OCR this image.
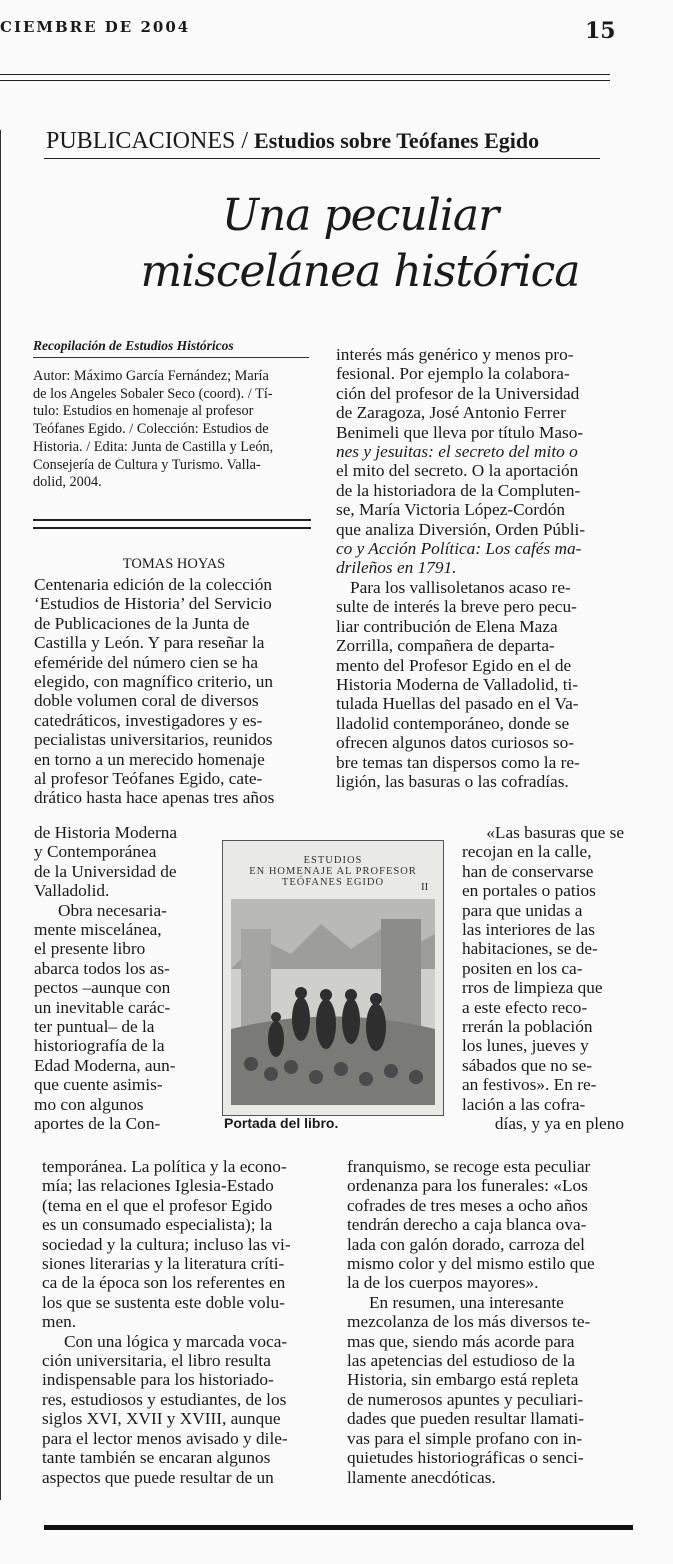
CIEMBRE DE 2004	15
PUBLICACIONES / Estudios sobre Teófanes Egido
Una peculiar
miscelánea histórica
Recopilación de Estudios Históricos
Autor: Máximo García Fernández; María
de los Angeles Sobaler Seco (coord). / Tí-
tulo: Estudios en homenaje al profesor
Teófanes Egido. / Colección: Estudios de
Historia. / Edita: Junta de Castilla y León,
Consejería de Cultura y Turismo. Valla-
dolid, 2004.
TOMAS HOYAS
Centenaria edición de la colección
‘Estudios de Historia’ del Servicio
de Publicaciones de la Junta de
Castilla y León. Y para reseñar la
efeméride del número cien se ha
elegido, con magnífico criterio, un
doble volumen coral de diversos
catedráticos, investigadores y es-
pecialistas universitarios, reunidos
en torno a un merecido homenaje
al profesor Teófanes Egido, cate-
drático hasta hace apenas tres años
de Historia Moderna
y Contemporánea
de la Universidad de
Valladolid.
Obra necesaria-
mente miscelánea,
el presente libro
abarca todos los as-
pectos –aunque con
un inevitable carác-
ter puntual– de la
historiografía de la
Edad Moderna, aun-
que cuente asimis-
mo con algunos
aportes de la Con-
temporánea. La política y la econo-
mía; las relaciones Iglesia-Estado
(tema en el que el profesor Egido
es un consumado especialista); la
sociedad y la cultura; incluso las vi-
siones literarias y la literatura críti-
ca de la época son los referentes en
los que se sustenta este doble volu-
men.
Con una lógica y marcada voca-
ción universitaria, el libro resulta
indispensable para los historiado-
res, estudiosos y estudiantes, de los
siglos XVI, XVII y XVIII, aunque
para el lector menos avisado y dile-
tante también se encaran algunos
aspectos que puede resultar de un
interés más genérico y menos pro-
fesional. Por ejemplo la colabora-
ción del profesor de la Universidad
de Zaragoza, José Antonio Ferrer
Benimeli que lleva por título Maso-
nes y jesuitas: el secreto del mito o
el mito del secreto. O la aportación
de la historiadora de la Compluten-
se, María Victoria López-Cordón
que analiza Diversión, Orden Públi-
co y Acción Política: Los cafés ma-
drileños en 1791.
Para los vallisoletanos acaso re-
sulte de interés la breve pero pecu-
liar contribución de Elena Maza
Zorrilla, compañera de departa-
mento del Profesor Egido en el de
Historia Moderna de Valladolid, ti-
tulada Huellas del pasado en el Va-
lladolid contemporáneo, donde se
ofrecen algunos datos curiosos so-
bre temas tan dispersos como la re-
ligión, las basuras o las cofradías.
«Las basuras que se
recojan en la calle,
han de conservarse
en portales o patios
para que unidas a
las interiores de las
habitaciones, se de-
positen en los ca-
rros de limpieza que
a este efecto reco-
rrerán la población
los lunes, jueves y
sábados que no se-
an festivos». En re-
lación a las cofra-
días, y ya en pleno
franquismo, se recoge esta peculiar
ordenanza para los funerales: «Los
cofrades de tres meses a ocho años
tendrán derecho a caja blanca ova-
lada con galón dorado, carroza del
mismo color y del mismo estilo que
la de los cuerpos mayores».
En resumen, una interesante
mezcolanza de los más diversos te-
mas que, siendo más acorde para
las apetencias del estudioso de la
Historia, sin embargo está repleta
de numerosos apuntes y peculiari-
dades que pueden resultar llamati-
vas para el simple profano con in-
quietudes historiográficas o senci-
llamente anecdóticas.
ESTUDIOS
EN HOMENAJE AL PROFESOR
TEÓFANES EGIDO	II
Portada del libro.
